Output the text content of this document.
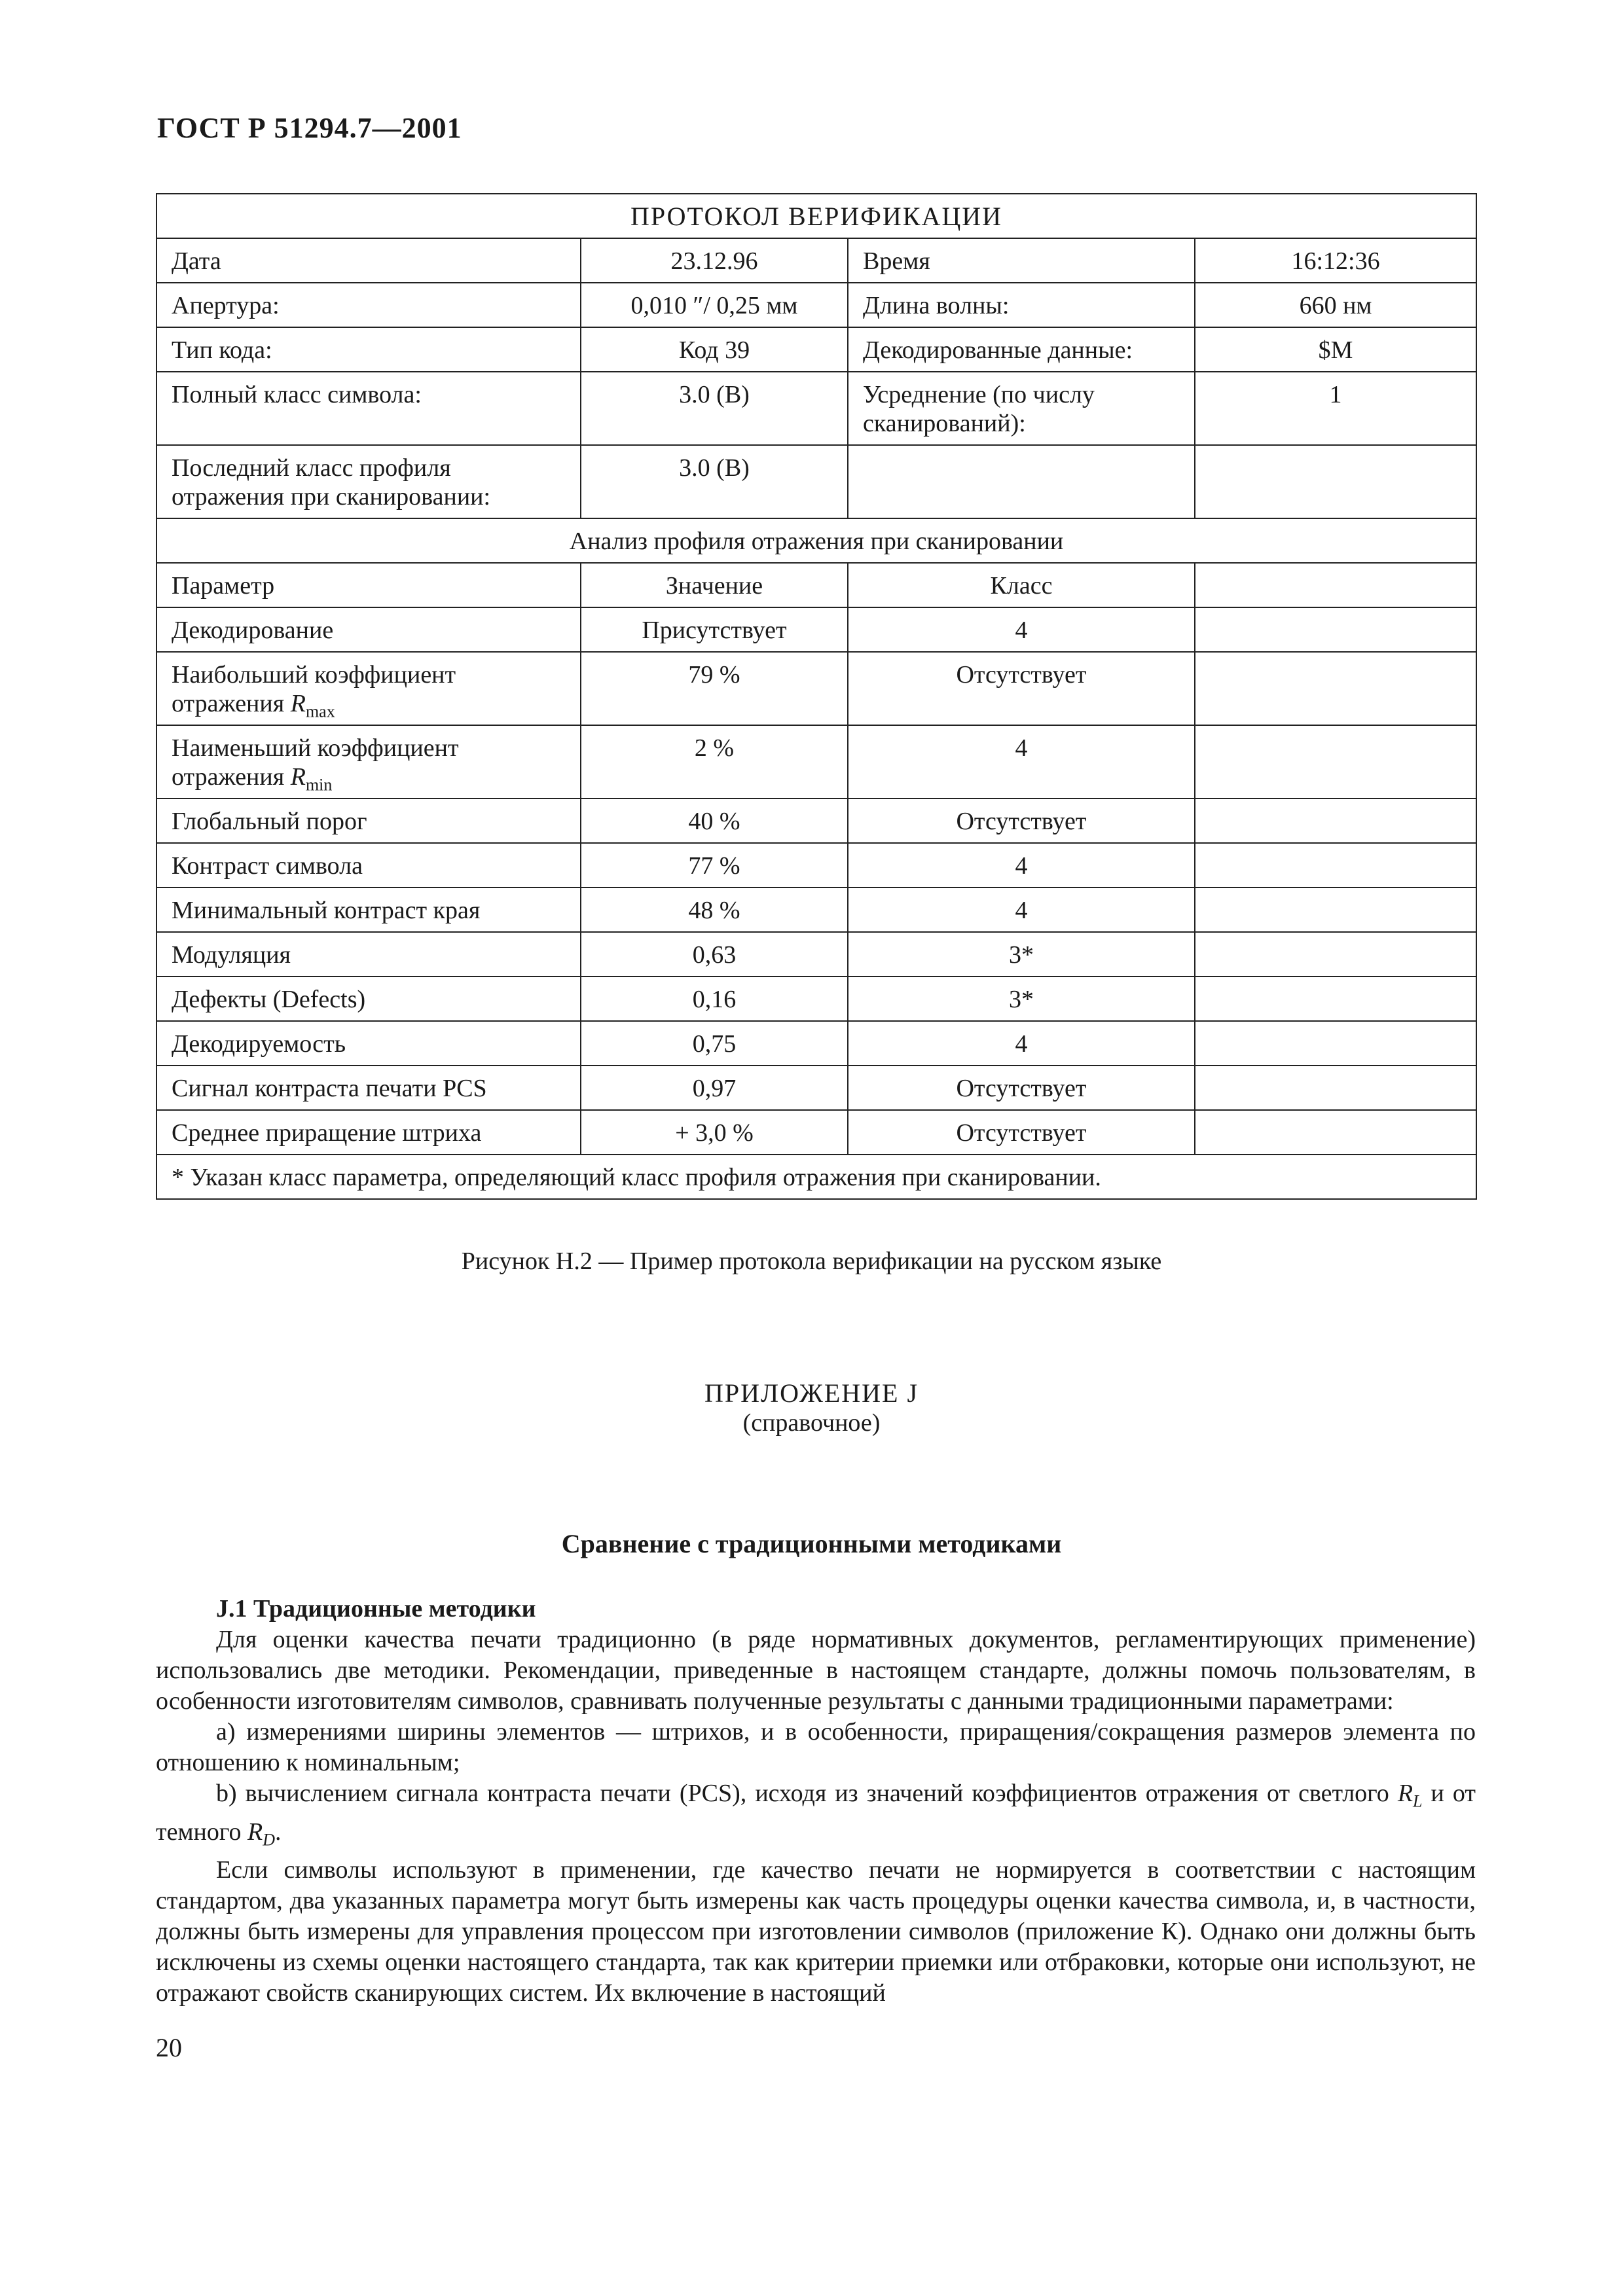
ГОСТ Р 51294.7—2001
ПРОТОКОЛ ВЕРИФИКАЦИИ			
Дата	23.12.96	Время	16:12:36
Апертура:	0,010 ″/ 0,25 мм	Длина волны:	660 нм
Тип кода:	Код 39	Декодированные данные:	$M
Полный класс символа:	3.0 (B)	Усреднение (по числу сканирований):	1
Последний класс профиля отражения при сканировании:	3.0 (B)		
Анализ профиля отражения при сканировании			
Параметр	Значение	Класс	
Декодирование	Присутствует	4	
Наибольший коэффициент отражения $R_{max}$	79 %	Отсутствует	
Наименьший коэффициент отражения $R_{min}$	2 %	4	
Глобальный порог	40 %	Отсутствует	
Контраст символа	77 %	4	
Минимальный контраст края	48 %	4	
Модуляция	0,63	3*	
Дефекты (Defects)	0,16	3*	
Декодируемость	0,75	4	
Сигнал контраста печати PCS	0,97	Отсутствует	
Среднее приращение штриха	+ 3,0 %	Отсутствует	
* Указан класс параметра, определяющий класс профиля отражения при сканировании.			
Рисунок Н.2 — Пример протокола верификации на русском языке
ПРИЛОЖЕНИЕ J
(справочное)
Сравнение с традиционными методиками
J.1 Традиционные методики

Для оценки качества печати традиционно (в ряде нормативных документов, регламентирующих применение) использовались две методики. Рекомендации, приведенные в настоящем стандарте, должны помочь пользователям, в особенности изготовителям символов, сравнивать полученные результаты с данными традиционными параметрами:

a) измерениями ширины элементов — штрихов, и в особенности, приращения/сокращения размеров элемента по отношению к номинальным;

b) вычислением сигнала контраста печати (PCS), исходя из значений коэффициентов отражения от светлого $R_L$ и от темного $R_D$.

Если символы используют в применении, где качество печати не нормируется в соответствии с настоящим стандартом, два указанных параметра могут быть измерены как часть процедуры оценки качества символа, и, в частности, должны быть измерены для управления процессом при изготовлении символов (приложение К). Однако они должны быть исключены из схемы оценки настоящего стандарта, так как критерии приемки или отбраковки, которые они используют, не отражают свойств сканирующих систем. Их включение в настоящий

20
